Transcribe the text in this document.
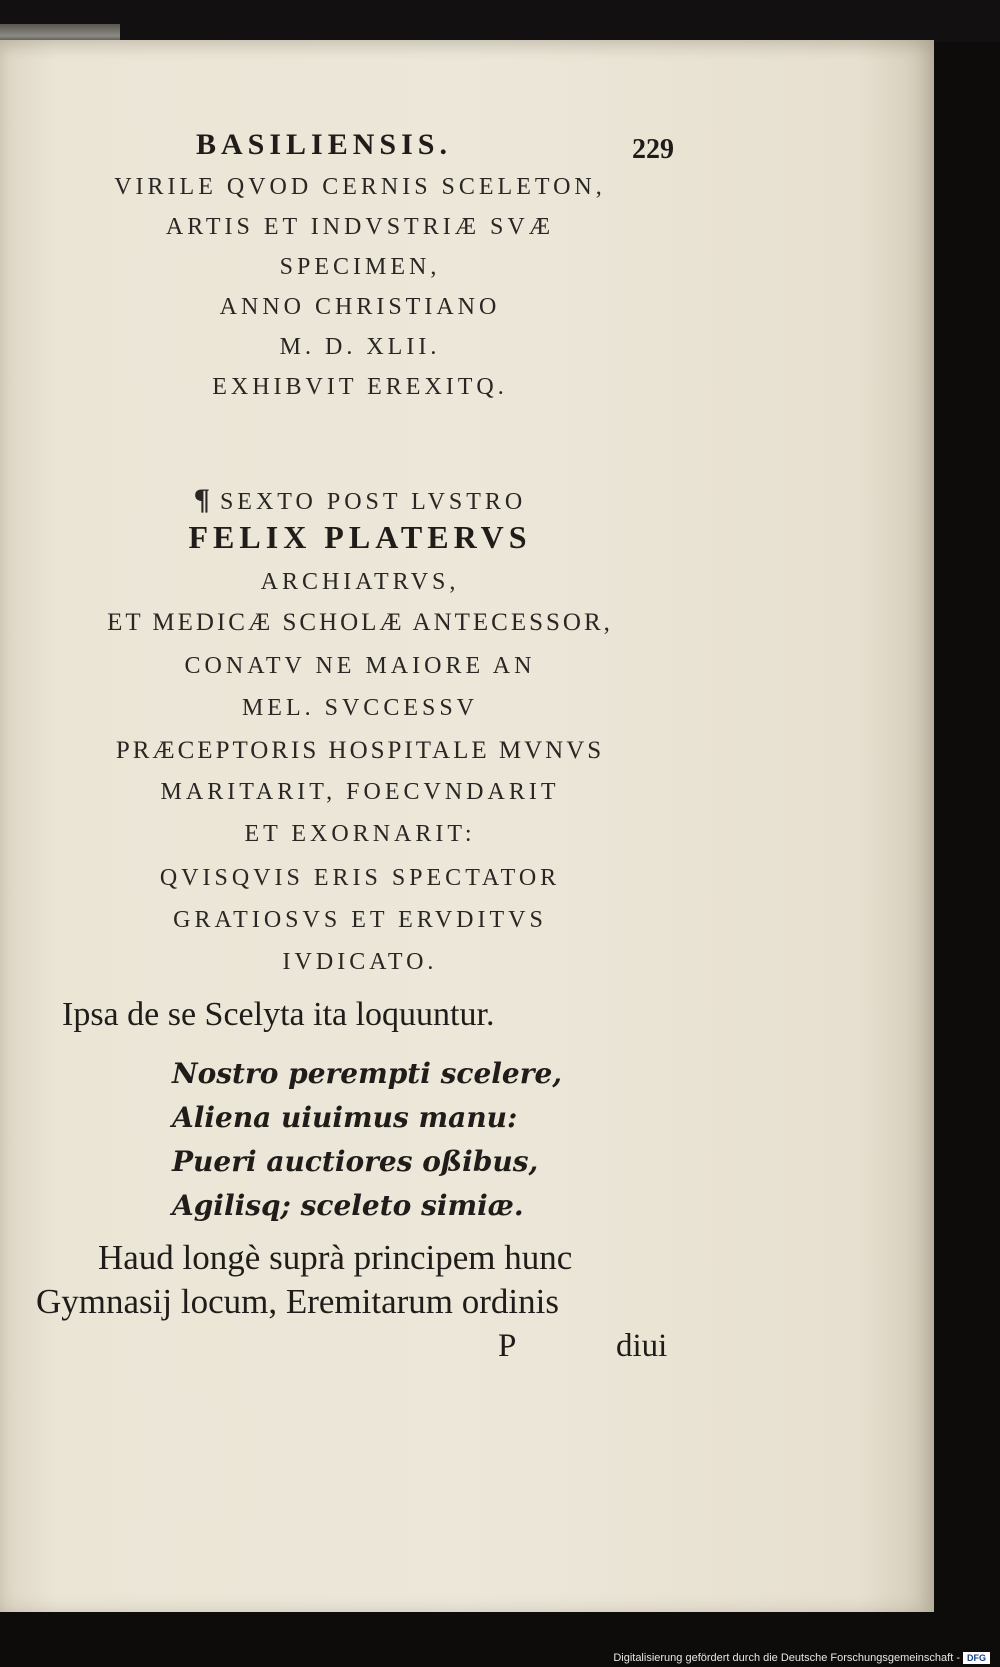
BASILIENSIS.	229
VIRILE QVOD CERNIS SCELETON,
ARTIS ET INDVSTRIÆ SVÆ
SPECIMEN,
ANNO CHRISTIANO
M. D. XLII.
EXHIBVIT EREXITQ.
¶ SEXTO POST LVSTRO
FELIX PLATERVS
ARCHIATRVS,
ET MEDICÆ SCHOLÆ ANTECESSOR,
CONATV NE MAIORE AN
MEL. SVCCESSV
PRÆCEPTORIS HOSPITALE MVNVS
MARITARIT, FOECVNDARIT
ET EXORNARIT:
QVISQVIS ERIS SPECTATOR
GRATIOSVS ET ERVDITVS
IVDICATO.
Ipsa de se Scelyta ita loquuntur.
Nostro perempti scelere,
Aliena uiuimus manu:
Pueri auctiores oßibus,
Agilisq; sceleto simiæ.
Haud longè suprà principem hunc
Gymnasij locum, Eremitarum ordinis
P	diui
Digitalisierung gefördert durch die Deutsche Forschungsgemeinschaft - DFG
